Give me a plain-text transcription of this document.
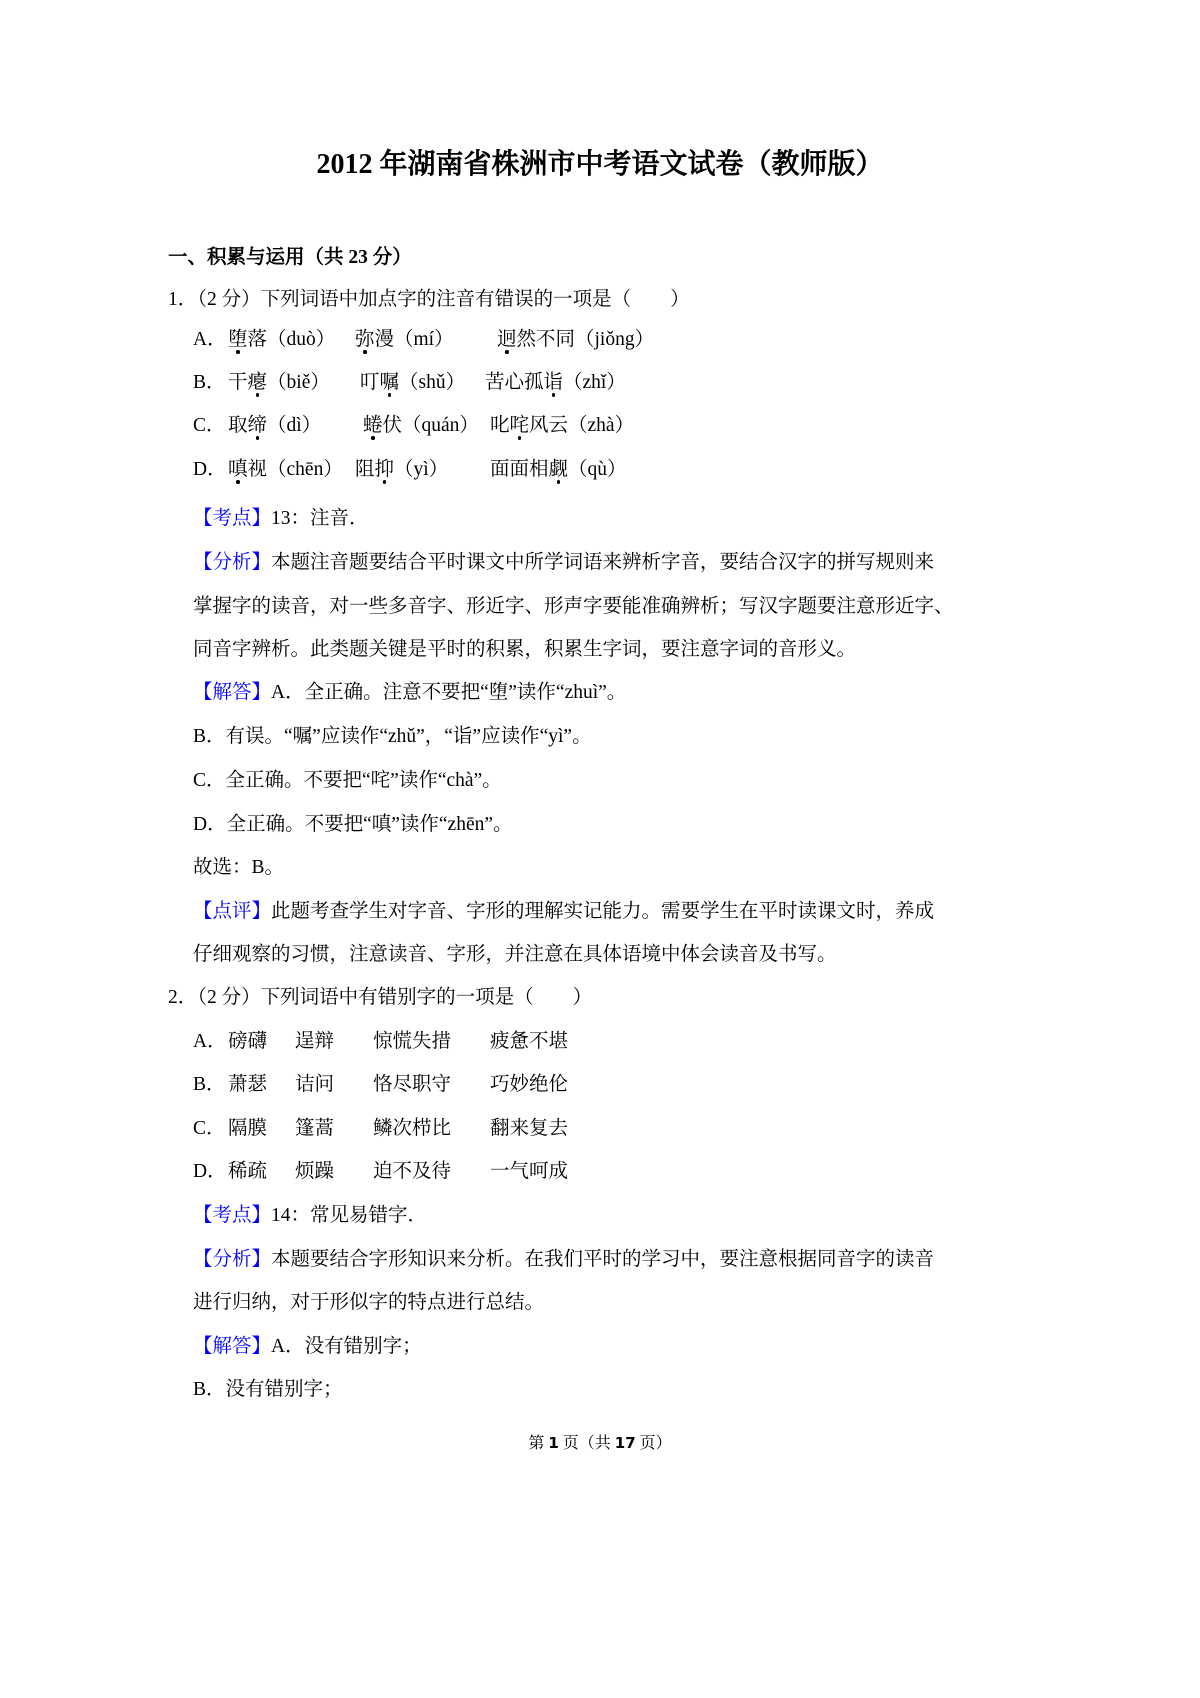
2012 年湖南省株洲市中考语文试卷（教师版）
一、积累与运用（共 23 分）
1．（2 分）下列词语中加点字的注音有错误的一项是（　　）
A． 堕落（duò） 弥漫（mí） 迥然不同（jiǒng）
B． 干瘪（biě） 叮嘱（shǔ） 苦心孤诣（zhǐ）
C． 取缔（dì） 蜷伏（quán） 叱咤风云（zhà）
D． 嗔视（chēn） 阻抑（yì） 面面相觑（qù）
【考点】13：注音．
【分析】本题注音题要结合平时课文中所学词语来辨析字音，要结合汉字的拼写规则来
掌握字的读音，对一些多音字、形近字、形声字要能准确辨析；写汉字题要注意形近字、
同音字辨析。此类题关键是平时的积累，积累生字词，要注意字词的音形义。
【解答】A．全正确。注意不要把“堕”读作“zhuì”。
B．有误。“嘱”应读作“zhǔ”，“诣”应读作“yì”。
C．全正确。不要把“咤”读作“chà”。
D．全正确。不要把“嗔”读作“zhēn”。
故选：B。
【点评】此题考查学生对字音、字形的理解实记能力。需要学生在平时读课文时，养成
仔细观察的习惯，注意读音、字形，并注意在具体语境中体会读音及书写。
2．（2 分）下列词语中有错别字的一项是（　　）
A． 磅礴 逞辩 惊慌失措 疲惫不堪
B． 萧瑟 诘问 恪尽职守 巧妙绝伦
C． 隔膜 篷蒿 鳞次栉比 翻来复去
D． 稀疏 烦躁 迫不及待 一气呵成
【考点】14：常见易错字．
【分析】本题要结合字形知识来分析。在我们平时的学习中，要注意根据同音字的读音
进行归纳，对于形似字的特点进行总结。
【解答】A．没有错别字；
B．没有错别字；
第 1 页（共 17 页）
